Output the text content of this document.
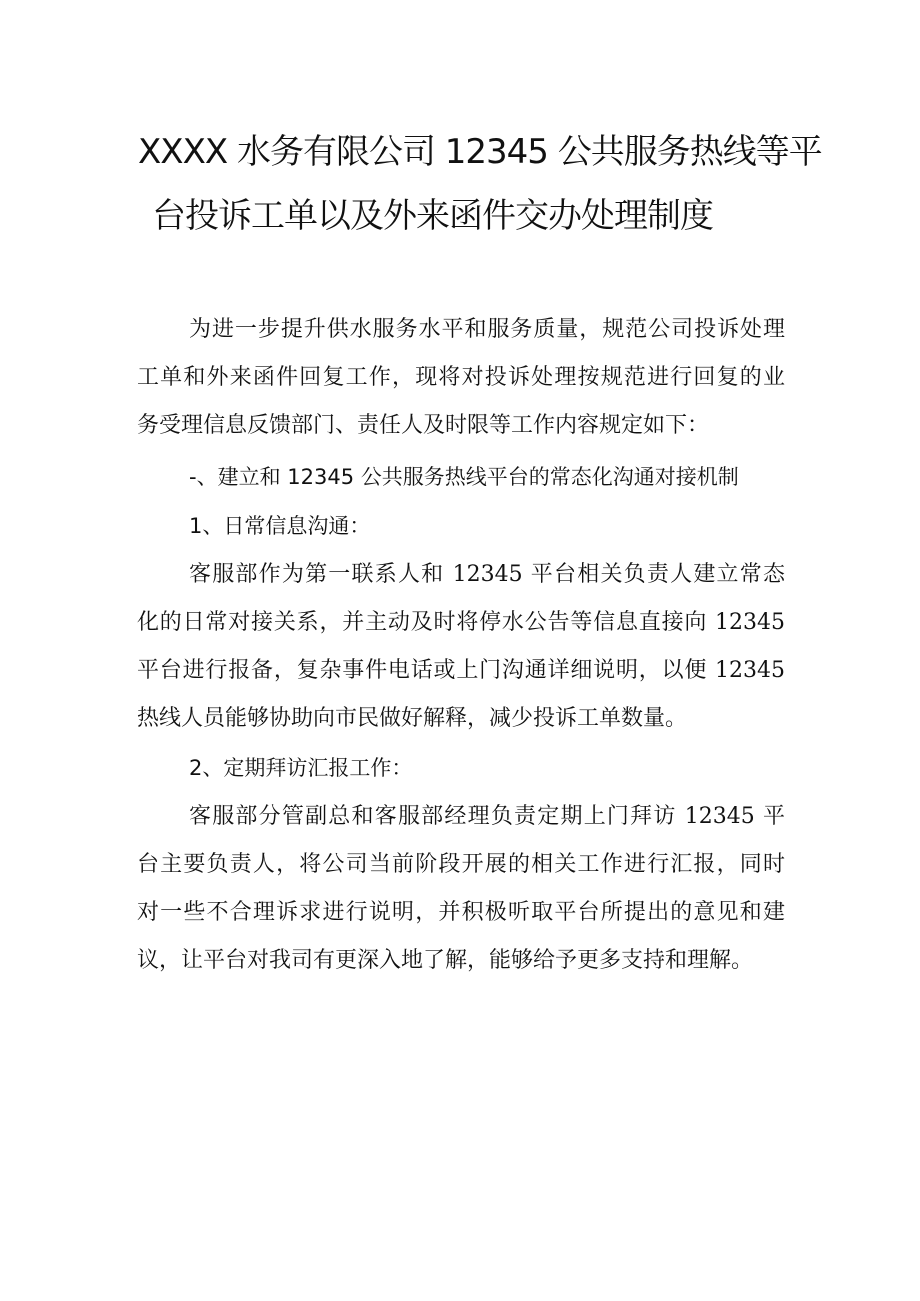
XXXX 水务有限公司 12345 公共服务热线等平
台投诉工单以及外来函件交办处理制度
为进一步提升供水服务水平和服务质量，规范公司投诉处理
工单和外来函件回复工作，现将对投诉处理按规范进行回复的业
务受理信息反馈部门、责任人及时限等工作内容规定如下：
-、建立和 12345 公共服务热线平台的常态化沟通对接机制
1、日常信息沟通：
客服部作为第一联系人和 12345 平台相关负责人建立常态
化的日常对接关系，并主动及时将停水公告等信息直接向 12345
平台进行报备，复杂事件电话或上门沟通详细说明，以便 12345
热线人员能够协助向市民做好解释，减少投诉工单数量。
2、定期拜访汇报工作：
客服部分管副总和客服部经理负责定期上门拜访 12345 平
台主要负责人，将公司当前阶段开展的相关工作进行汇报，同时
对一些不合理诉求进行说明，并积极听取平台所提出的意见和建
议，让平台对我司有更深入地了解，能够给予更多支持和理解。
